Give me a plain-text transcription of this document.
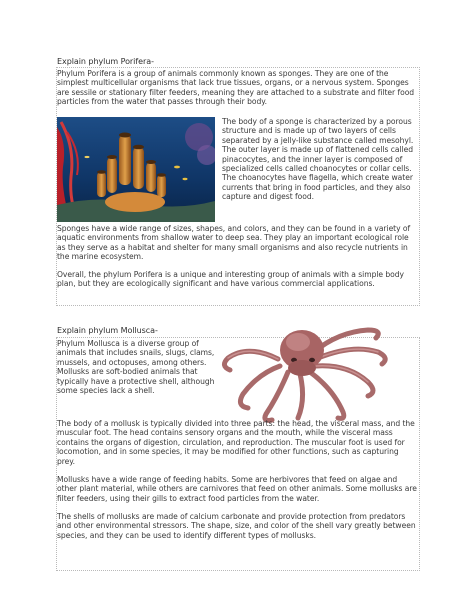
Explain phylum Porifera-
Phylum Porifera is a group of animals commonly known as sponges. They are one of the simplest multicellular organisms that lack true tissues, organs, or a nervous system. Sponges are sessile or stationary filter feeders, meaning they are attached to a substrate and filter food particles from the water that passes through their body.
The body of a sponge is characterized by a porous structure and is made up of two layers of cells separated by a jelly-like substance called mesohyl. The outer layer is made up of flattened cells called pinacocytes, and the inner layer is composed of specialized cells called choanocytes or collar cells. The choanocytes have flagella, which create water currents that bring in food particles, and they also capture and digest food.
Sponges have a wide range of sizes, shapes, and colors, and they can be found in a variety of aquatic environments from shallow water to deep sea. They play an important ecological role as they serve as a habitat and shelter for many small organisms and also recycle nutrients in the marine ecosystem.
Overall, the phylum Porifera is a unique and interesting group of animals with a simple body plan, but they are ecologically significant and have various commercial applications.
Explain phylum Mollusca-
Phylum Mollusca is a diverse group of animals that includes snails, slugs, clams, mussels, and octopuses, among others. Mollusks are soft-bodied animals that typically have a protective shell, although some species lack a shell.
The body of a mollusk is typically divided into three parts: the head, the visceral mass, and the muscular foot. The head contains sensory organs and the mouth, while the visceral mass contains the organs of digestion, circulation, and reproduction. The muscular foot is used for locomotion, and in some species, it may be modified for other functions, such as capturing prey.
Mollusks have a wide range of feeding habits. Some are herbivores that feed on algae and other plant material, while others are carnivores that feed on other animals. Some mollusks are filter feeders, using their gills to extract food particles from the water.
The shells of mollusks are made of calcium carbonate and provide protection from predators and other environmental stressors. The shape, size, and color of the shell vary greatly between species, and they can be used to identify different types of mollusks.
